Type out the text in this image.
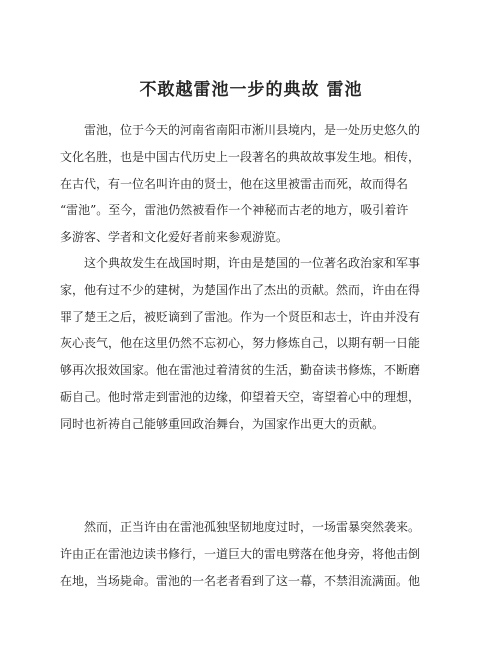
不敢越雷池一步的典故 雷池

雷池，位于今天的河南省南阳市淅川县境内，是一处历史悠久的
文化名胜，也是中国古代历史上一段著名的典故故事发生地。相传，
在古代，有一位名叫许由的贤士，他在这里被雷击而死，故而得名
“雷池”。至今，雷池仍然被看作一个神秘而古老的地方，吸引着许
多游客、学者和文化爱好者前来参观游览。

这个典故发生在战国时期，许由是楚国的一位著名政治家和军事
家，他有过不少的建树，为楚国作出了杰出的贡献。然而，许由在得
罪了楚王之后，被贬谪到了雷池。作为一个贤臣和志士，许由并没有
灰心丧气，他在这里仍然不忘初心，努力修炼自己，以期有朝一日能
够再次报效国家。他在雷池过着清贫的生活，勤奋读书修炼，不断磨
砺自己。他时常走到雷池的边缘，仰望着天空，寄望着心中的理想，
同时也祈祷自己能够重回政治舞台，为国家作出更大的贡献。

然而，正当许由在雷池孤独坚韧地度过时，一场雷暴突然袭来。
许由正在雷池边读书修行，一道巨大的雷电劈落在他身旁，将他击倒
在地，当场毙命。雷池的一名老者看到了这一幕，不禁泪流满面。他
